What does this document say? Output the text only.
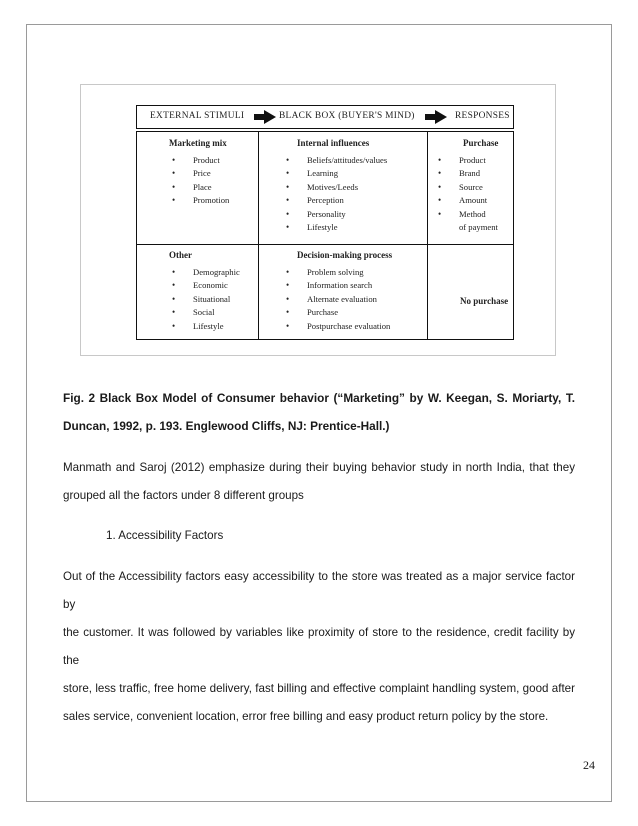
EXTERNAL STIMULI	BLACK BOX (BUYER'S MIND)	RESPONSES
Marketing mix
• Product
• Price
• Place
• Promotion
Internal influences
• Beliefs/attitudes/values
• Learning
• Motives/Leeds
• Perception
• Personality
• Lifestyle
Purchase
• Product
• Brand
• Source
• Amount
• Method
of payment
Other
• Demographic
• Economic
• Situational
• Social
• Lifestyle
Decision-making process
• Problem solving
• Information search
• Alternate evaluation
• Purchase
• Postpurchase evaluation
No purchase
Fig. 2 Black Box Model of Consumer behavior (“Marketing” by W. Keegan, S. Moriarty, T.
Duncan, 1992, p. 193. Englewood Cliffs, NJ: Prentice-Hall.)
Manmath and Saroj (2012) emphasize during their buying behavior study in north India, that they
grouped all the factors under 8 different groups
1. Accessibility Factors
Out of the Accessibility factors easy accessibility to the store was treated as a major service factor by
the customer. It was followed by variables like proximity of store to the residence, credit facility by the
store, less traffic, free home delivery, fast billing and effective complaint handling system, good after
sales service, convenient location, error free billing and easy product return policy by the store.
24
